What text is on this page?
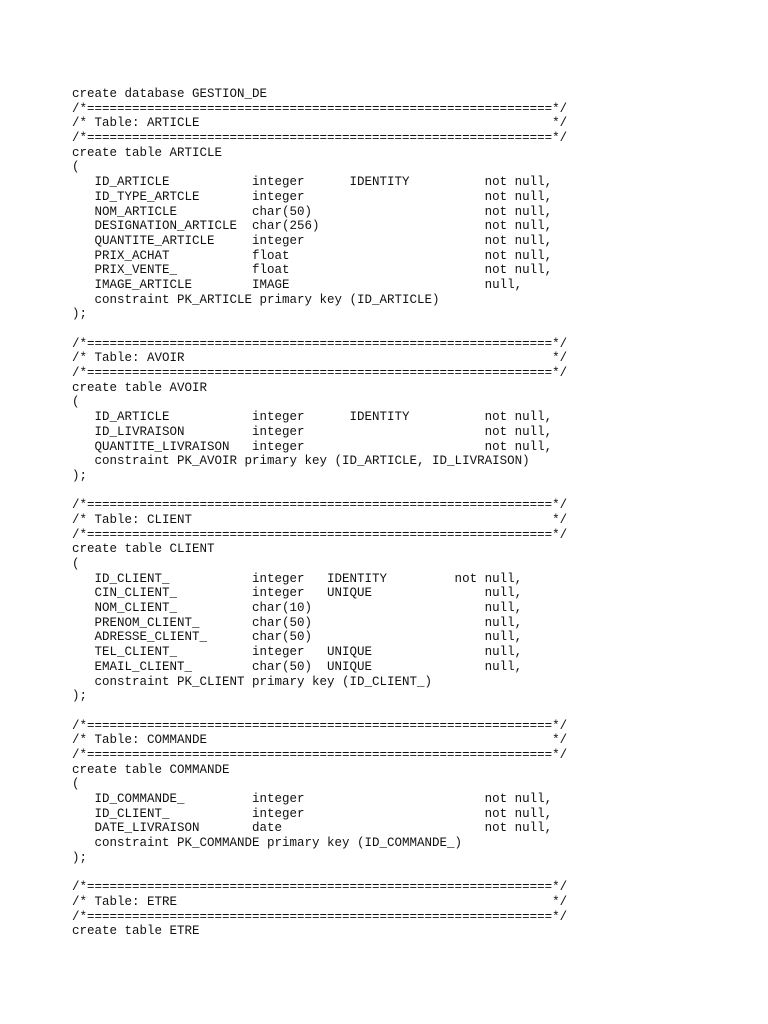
create database GESTION_DE
/*==============================================================*/
/* Table: ARTICLE                                               */
/*==============================================================*/
create table ARTICLE
(
ID_ARTICLE           integer      IDENTITY          not null,
ID_TYPE_ARTCLE       integer                        not null,
NOM_ARTICLE          char(50)                       not null,
DESIGNATION_ARTICLE  char(256)                      not null,
QUANTITE_ARTICLE     integer                        not null,
PRIX_ACHAT           float                          not null,
PRIX_VENTE_          float                          not null,
IMAGE_ARTICLE        IMAGE                          null,
constraint PK_ARTICLE primary key (ID_ARTICLE)
);
/*==============================================================*/
/* Table: AVOIR                                                 */
/*==============================================================*/
create table AVOIR
(
ID_ARTICLE           integer      IDENTITY          not null,
ID_LIVRAISON         integer                        not null,
QUANTITE_LIVRAISON   integer                        not null,
constraint PK_AVOIR primary key (ID_ARTICLE, ID_LIVRAISON)
);
/*==============================================================*/
/* Table: CLIENT                                                */
/*==============================================================*/
create table CLIENT
(
ID_CLIENT_           integer   IDENTITY         not null,
CIN_CLIENT_          integer   UNIQUE               null,
NOM_CLIENT_          char(10)                       null,
PRENOM_CLIENT_       char(50)                       null,
ADRESSE_CLIENT_      char(50)                       null,
TEL_CLIENT_          integer   UNIQUE               null,
EMAIL_CLIENT_        char(50)  UNIQUE               null,
constraint PK_CLIENT primary key (ID_CLIENT_)
);
/*==============================================================*/
/* Table: COMMANDE                                              */
/*==============================================================*/
create table COMMANDE
(
ID_COMMANDE_         integer                        not null,
ID_CLIENT_           integer                        not null,
DATE_LIVRAISON       date                           not null,
constraint PK_COMMANDE primary key (ID_COMMANDE_)
);
/*==============================================================*/
/* Table: ETRE                                                  */
/*==============================================================*/
create table ETRE
